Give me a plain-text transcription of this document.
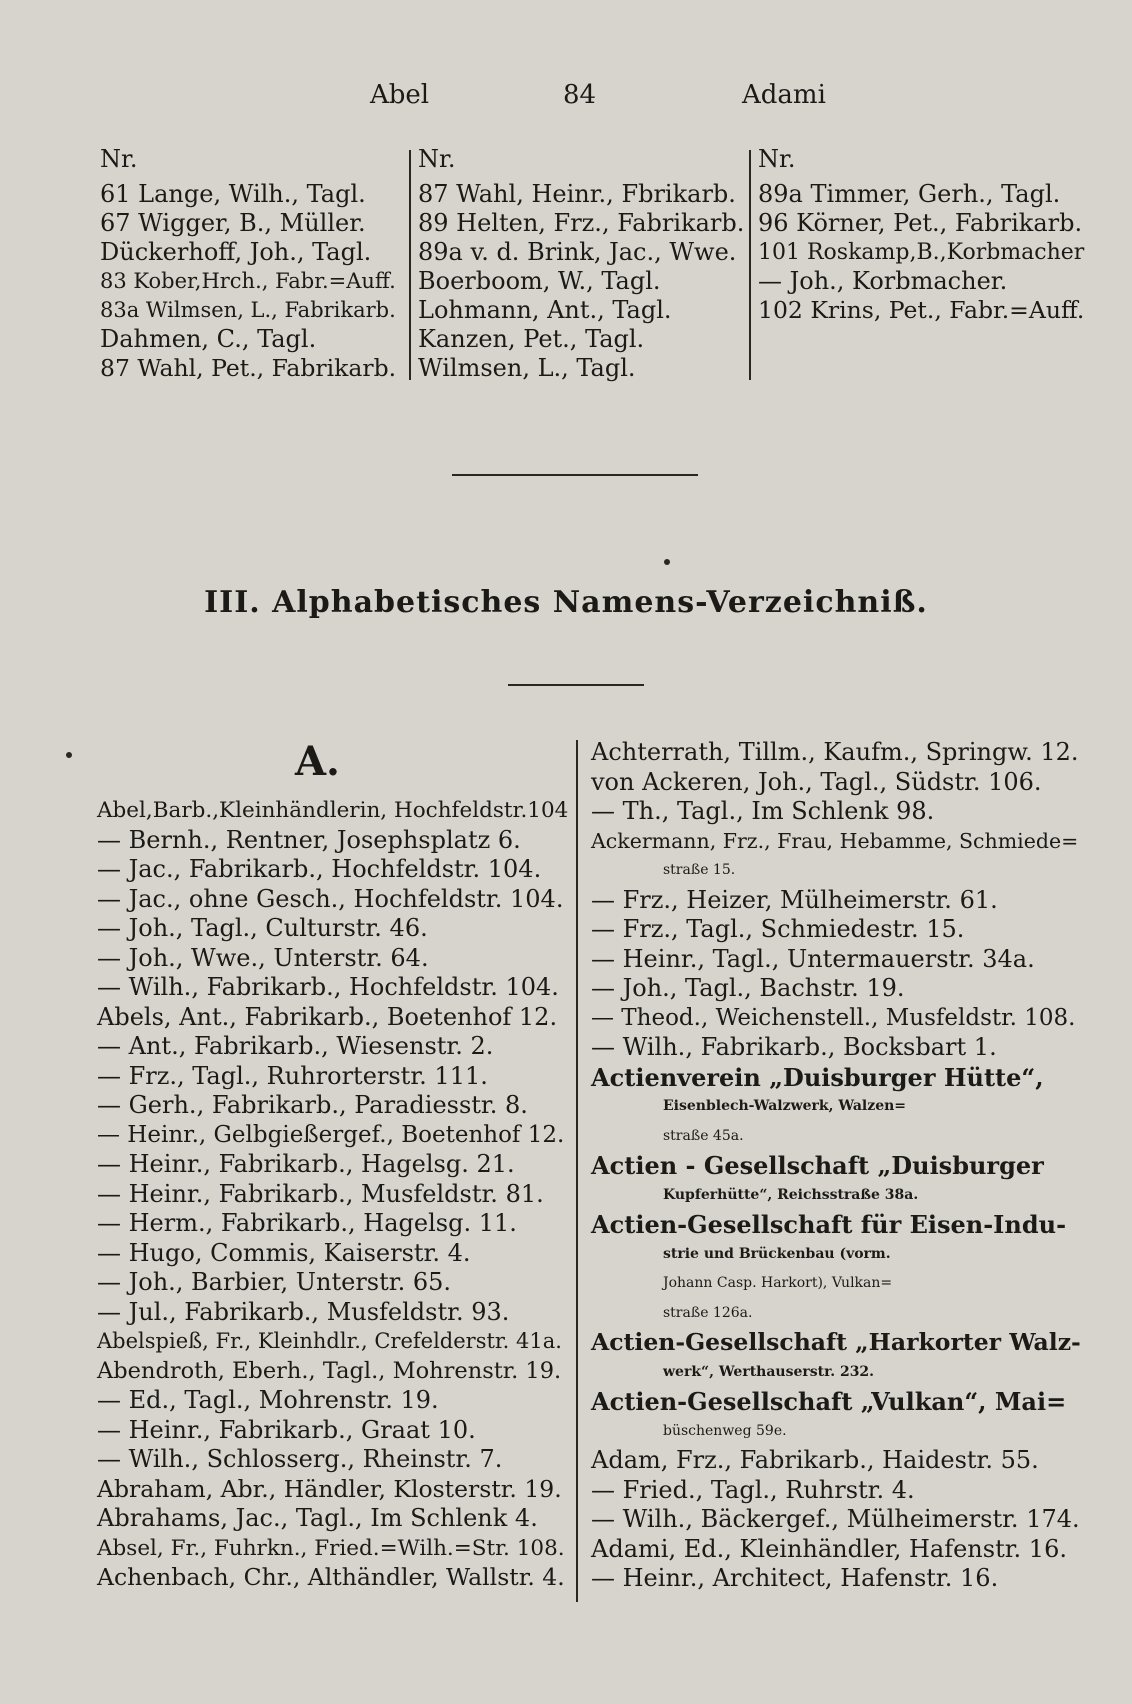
Abel	84	Adami
Nr.
61 Lange, Wilh., Tagl.
67 Wigger, B., Müller.
Dückerhoff, Joh., Tagl.
83 Kober,Hrch., Fabr.=Auff.
83a Wilmsen, L., Fabrikarb.
Dahmen, C., Tagl.
87 Wahl, Pet., Fabrikarb.
Nr.
87 Wahl, Heinr., Fbrikarb.
89 Helten, Frz., Fabrikarb.
89a v. d. Brink, Jac., Wwe.
Boerboom, W., Tagl.
Lohmann, Ant., Tagl.
Kanzen, Pet., Tagl.
Wilmsen, L., Tagl.
Nr.
89a Timmer, Gerh., Tagl.
96 Körner, Pet., Fabrikarb.
101 Roskamp,B.,Korbmacher
— Joh., Korbmacher.
102 Krins, Pet., Fabr.=Auff.
III. Alphabetisches Namens-Verzeichniß.
A.
Abel,Barb.,Kleinhändlerin, Hochfeldstr.104
— Bernh., Rentner, Josephsplatz 6.
— Jac., Fabrikarb., Hochfeldstr. 104.
— Jac., ohne Gesch., Hochfeldstr. 104.
— Joh., Tagl., Culturstr. 46.
— Joh., Wwe., Unterstr. 64.
— Wilh., Fabrikarb., Hochfeldstr. 104.
Abels, Ant., Fabrikarb., Boetenhof 12.
— Ant., Fabrikarb., Wiesenstr. 2.
— Frz., Tagl., Ruhrorterstr. 111.
— Gerh., Fabrikarb., Paradiesstr. 8.
— Heinr., Gelbgießergef., Boetenhof 12.
— Heinr., Fabrikarb., Hagelsg. 21.
— Heinr., Fabrikarb., Musfeldstr. 81.
— Herm., Fabrikarb., Hagelsg. 11.
— Hugo, Commis, Kaiserstr. 4.
— Joh., Barbier, Unterstr. 65.
— Jul., Fabrikarb., Musfeldstr. 93.
Abelspieß, Fr., Kleinhdlr., Crefelderstr. 41a.
Abendroth, Eberh., Tagl., Mohrenstr. 19.
— Ed., Tagl., Mohrenstr. 19.
— Heinr., Fabrikarb., Graat 10.
— Wilh., Schlosserg., Rheinstr. 7.
Abraham, Abr., Händler, Klosterstr. 19.
Abrahams, Jac., Tagl., Im Schlenk 4.
Absel, Fr., Fuhrkn., Fried.=Wilh.=Str. 108.
Achenbach, Chr., Althändler, Wallstr. 4.
Achterrath, Tillm., Kaufm., Springw. 12.
von Ackeren, Joh., Tagl., Südstr. 106.
— Th., Tagl., Im Schlenk 98.
Ackermann, Frz., Frau, Hebamme, Schmiede=
straße 15.
— Frz., Heizer, Mülheimerstr. 61.
— Frz., Tagl., Schmiedestr. 15.
— Heinr., Tagl., Untermauerstr. 34a.
— Joh., Tagl., Bachstr. 19.
— Theod., Weichenstell., Musfeldstr. 108.
— Wilh., Fabrikarb., Bocksbart 1.
Actienverein „Duisburger Hütte“,
Eisenblech-Walzwerk, Walzen=
straße 45a.
Actien - Gesellschaft „Duisburger
Kupferhütte“, Reichsstraße 38a.
Actien-Gesellschaft für Eisen-Indu-
strie und Brückenbau (vorm.
Johann Casp. Harkort), Vulkan=
straße 126a.
Actien-Gesellschaft „Harkorter Walz-
werk“, Werthauserstr. 232.
Actien-Gesellschaft „Vulkan“, Mai=
büschenweg 59e.
Adam, Frz., Fabrikarb., Haidestr. 55.
— Fried., Tagl., Ruhrstr. 4.
— Wilh., Bäckergef., Mülheimerstr. 174.
Adami, Ed., Kleinhändler, Hafenstr. 16.
— Heinr., Architect, Hafenstr. 16.
